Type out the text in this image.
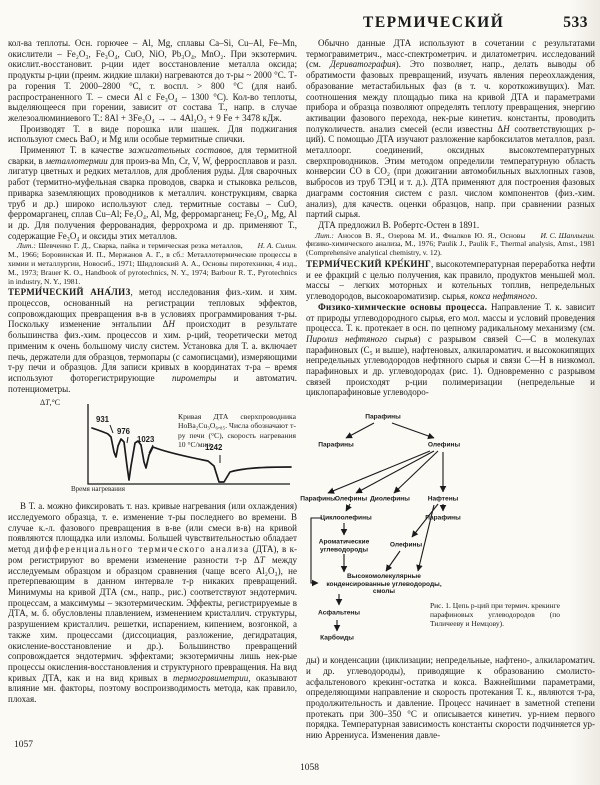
ТЕРМИЧЕСКИЙ	533

кол-ва теплоты. Осн. горючее – Al, Mg, сплавы Ca–Si, Cu–Al, Fe–Mn, окислители – Fe₂O₃, Fe₃O₄, CuO, NiO, Pb₃O₄, MnO₂. При экзотермич. окислит.-восстановит. р-ции идет восстановление металла оксида; продукты р-ции (преим. жидкие шлаки) нагреваются до т-ры ~ 2000 °C. Т-ра горения Т. 2000–2800 °C, т. воспл. > 800 °C (для наиб. распространенного Т. – смеси Al с Fe₃O₄ – 1300 °C). Кол-во теплоты, выделяющееся при горении, зависит от состава Т., напр. в случае железоалюминиевого Т.: 8Al + 3Fe₃O₄ → → 4Al₂O₃ + 9 Fe + 3478 кДж.

Производят Т. в виде порошка или шашек. Для поджигания используют смесь BaO₂ и Mg или особые термитные спички.

Применяют Т. в качестве зажигательных составов, для термитной сварки, в металлотермии для произ-ва Mn, Cr, V, W, ферросплавов и разл. лигатур цветных и редких металлов, для дробления руды. Для сварочных работ (термитно-муфельная сварка проводов, сварка и стыковка рельсов, приварка заземляющих проводников к металлич. конструкциям, сварка труб и др.) широко используют след. термитные составы – CuO, ферромарганец, сплав Cu–Al; Fe₃O₄, Al, Mg, ферромарганец; Fe₃O₄, Mg, Al и др. Для получения феррованадия, феррохрома и др. применяют Т., содержащие Fe₃O₄ и оксиды этих металлов.

Н. А. Силин.
Лит.: Шевченко Г. Д., Сварка, пайка и термическая резка металлов, М., 1966; Боровинская И. П., Мержанов А. Г., в сб.: Металлотермические процессы в химии и металлургии, Новосиб., 1971; Шидловский А. А., Основы пиротехники, 4 изд., М., 1973; Brauer K. O., Handbook of pyrotechnics, N. Y., 1974; Barbour R. T., Pyrotechnics in industry, N. Y., 1981.

ТЕРМИ́ЧЕСКИЙ АНА́ЛИЗ, метод исследования физ.-хим. и хим. процессов, основанный на регистрации тепловых эффектов, сопровождающих превращения в-в в условиях программирования т-ры. Поскольку изменение энтальпии ΔH происходит в результате большинства физ.-хим. процессов и хим. р-ций, теоретически метод применим к очень большому числу систем. Установка для Т. а. включает печь, держатели для образцов, термопары (с самописцами), измеряющими т-ру печи и образцов. Для записи кривых в координатах т-ра – время используют фоторегистрирующие пирометры и автоматич. потенциометры.

ΔT,°C
931
976
1023
1242
Время нагревания
Кривая ДТА сверхпроводника HoBa₂Cu₃O₆,₈₅. Числа обозначают т-ру печи (°C), скорость нагревания 10 °C/мин.

В Т. а. можно фиксировать т. наз. кривые нагревания (или охлаждения) исследуемого образца, т. е. изменение т-ры последнего во времени. В случае к.-л. фазового превращения в в-ве (или смеси в-в) на кривой появляются площадка или изломы. Большей чувствительностью обладает метод дифференциального термического анализа (ДТА), в к-ром регистрируют во времени изменение разности т-р ΔT между исследуемым образцом и образцом сравнения (чаще всего Al₂O₃), не претерпевающим в данном интервале т-р никаких превращений. Минимумы на кривой ДТА (см., напр., рис.) соответствуют эндотермич. процессам, а максимумы – экзотермическим. Эффекты, регистрируемые в ДТА, м. б. обусловлены плавлением, изменением кристаллич. структуры, разрушением кристаллич. решетки, испарением, кипением, возгонкой, а также хим. процессами (диссоциация, разложение, дегидратация, окисление-восстановление и др.). Большинство превращений сопровождается эндотермич. эффектами; экзотермичны лишь нек-рые процессы окисления-восстановления и структурного превращения. На вид кривых ДТА, как и на вид кривых в термогравиметрии, оказывают влияние мн. факторы, поэтому воспроизводимость метода, как правило, плохая.

Обычно данные ДТА используют в сочетании с результатами термогравиметрич., масс-спектрометрич. и дилатометрич. исследований (см. Дериватография). Это позволяет, напр., делать выводы об обратимости фазовых превращений, изучать явления переохлаждения, образование метастабильных фаз (в т. ч. короткоживущих). Мат. соотношения между площадью пика на кривой ДТА и параметрами прибора и образца позволяют определять теплоту превращения, энергию активации фазового перехода, нек-рые кинетич. константы, проводить полуколичеств. анализ смесей (если известны ΔH соответствующих р-ций). С помощью ДТА изучают разложение карбоксилатов металлов, разл. металлоорг. соединений, оксидных высокотемпературных сверхпроводников. Этим методом определили температурную область конверсии CO в CO₂ (при дожигании автомобильных выхлопных газов, выбросов из труб ТЭЦ и т. д.). ДТА применяют для построения фазовых диаграмм состояния систем с разл. числом компонентов (физ.-хим. анализ), для качеств. оценки образцов, напр. при сравнении разных партий сырья.

ДТА предложил В. Робертс-Остен в 1891.

И. С. Шаплыгин.
Лит.: Аносов В. Я., Озерова М. И., Фиалков Ю. Я., Основы физико-химического анализа, М., 1976; Paulik J., Paulik F., Thermal analysis, Amst., 1981 (Comprehensive analytical chemistry, v. 12).

ТЕРМИ́ЧЕСКИЙ КРЕ́КИНГ, высокотемпературная переработка нефти и ее фракций с целью получения, как правило, продуктов меньшей мол. массы – легких моторных и котельных топлив, непредельных углеводородов, высокоароматизир. сырья, кокса нефтяного.

Физико-химические основы процесса. Направление Т. к. зависит от природы углеводородного сырья, его мол. массы и условий проведения процесса. Т. к. протекает в осн. по цепному радикальному механизму (см. Пиролиз нефтяного сырья) с разрывом связей C—C в молекулах парафиновых (C₅ и выше), нафтеновых, алкилароматич. и высококипящих непредельных углеводородов нефтяного сырья и связи C—H в низкомол. парафиновых и др. углеводородах (рис. 1). Одновременно с разрывом связей происходят р-ции полимеризации (непредельные и циклопарафиновые углеводоро-

Парафины
Парафины	Олефины
Парафины Олефины Диолефины	Нафтены
Циклоолефины	Парафины
Олефины
Ароматические углеводороды
Высокомолекулярные конденсированные углеводороды, смолы
Асфальтены
Карбоиды
Рис. 1. Цепь р-ций при термич. крекинге парафиновых углеводородов (по Тиличееву и Немцову).

ды) и конденсации (циклизации; непредельные, нафтено-, алкилароматич. и др. углеводороды), приводящие к образованию смолисто-асфальтенового крекинг-остатка и кокса. Важнейшими параметрами, определяющими направление и скорость протекания Т. к., являются т-ра, продолжительность и давление. Процесс начинает в заметной степени протекать при 300–350 °C и описывается кинетич. ур-нием первого порядка. Температурная зависимость константы скорости подчиняется ур-нию Аррениуса. Изменения давле-

1057
1058
